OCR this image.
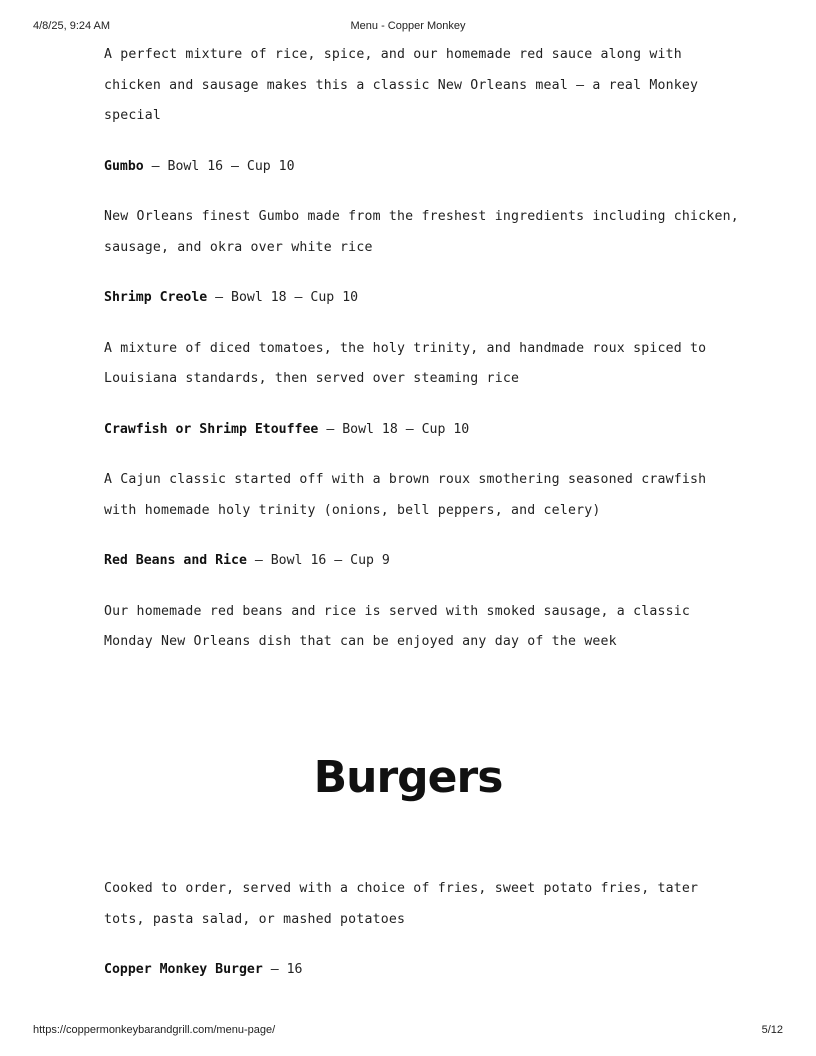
4/8/25, 9:24 AM	Menu - Copper Monkey

A perfect mixture of rice, spice, and our homemade red sauce along with chicken and sausage makes this a classic New Orleans meal – a real Monkey special

Gumbo – Bowl 16 – Cup 10

New Orleans finest Gumbo made from the freshest ingredients including chicken, sausage, and okra over white rice

Shrimp Creole – Bowl 18 – Cup 10

A mixture of diced tomatoes, the holy trinity, and handmade roux spiced to Louisiana standards, then served over steaming rice

Crawfish or Shrimp Etouffee – Bowl 18 – Cup 10

A Cajun classic started off with a brown roux smothering seasoned crawfish with homemade holy trinity (onions, bell peppers, and celery)

Red Beans and Rice – Bowl 16 – Cup 9

Our homemade red beans and rice is served with smoked sausage, a classic Monday New Orleans dish that can be enjoyed any day of the week

Burgers

Cooked to order, served with a choice of fries, sweet potato fries, tater tots, pasta salad, or mashed potatoes

Copper Monkey Burger – 16

https://coppermonkeybarandgrill.com/menu-page/	5/12
